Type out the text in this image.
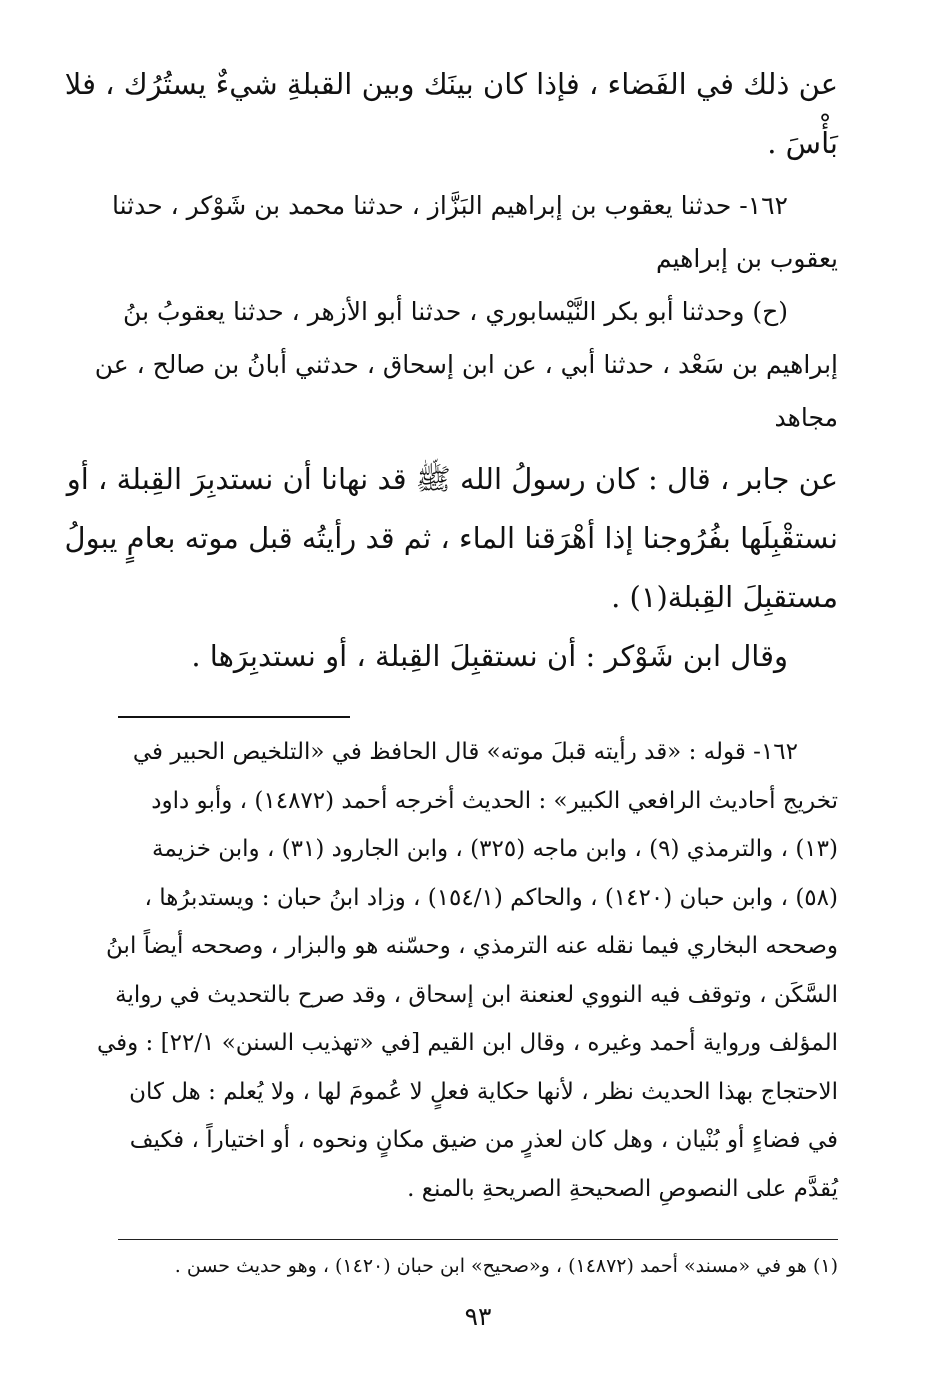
عن ذلك في الفَضاء ، فإذا كان بينَك وبين القبلةِ شيءٌ يستُرُك ، فلا

بَأْسَ .

١٦٢- حدثنا يعقوب بن إبراهيم البَزَّاز ، حدثنا محمد بن شَوْكر ، حدثنا

يعقوب بن إبراهيم

(ح) وحدثنا أبو بكر النَّيْسابوري ، حدثنا أبو الأزهر ، حدثنا يعقوبُ بنُ

إبراهيم بن سَعْد ، حدثنا أبي ، عن ابن إسحاق ، حدثني أبانُ بن صالح ، عن

مجاهد

عن جابر ، قال : كان رسولُ الله ﷺ قد نهانا أن نستدبِرَ القِبلة ، أو

نستقْبِلَها بفُرُوجنا إذا أهْرَقنا الماء ، ثم قد رأيتُه قبل موته بعامٍ يبولُ

مستقبِلَ القِبلة(١) .

وقال ابن شَوْكر : أن نستقبِلَ القِبلة ، أو نستدبِرَها .

١٦٢- قوله : «قد رأيته قبلَ موته» قال الحافظ في «التلخيص الحبير في

تخريج أحاديث الرافعي الكبير» : الحديث أخرجه أحمد (١٤٨٧٢) ، وأبو داود

(١٣) ، والترمذي (٩) ، وابن ماجه (٣٢٥) ، وابن الجارود (٣١) ، وابن خزيمة

(٥٨) ، وابن حبان (١٤٢٠) ، والحاكم (١٥٤/١) ، وزاد ابنُ حبان : ويستدبرُها ،

وصححه البخاري فيما نقله عنه الترمذي ، وحسّنه هو والبزار ، وصححه أيضاً ابنُ

السَّكَن ، وتوقف فيه النووي لعنعنة ابن إسحاق ، وقد صرح بالتحديث في رواية

المؤلف ورواية أحمد وغيره ، وقال ابن القيم [في «تهذيب السنن» ٢٢/١] : وفي

الاحتجاج بهذا الحديث نظر ، لأنها حكاية فعلٍ لا عُمومَ لها ، ولا يُعلم : هل كان

في فضاءٍ أو بُنْيان ، وهل كان لعذرٍ من ضيق مكانٍ ونحوه ، أو اختياراً ، فكيف

يُقدَّم على النصوصِ الصحيحةِ الصريحةِ بالمنع .

(١) هو في «مسند» أحمد (١٤٨٧٢) ، و«صحيح» ابن حبان (١٤٢٠) ، وهو حديث حسن .

٩٣
